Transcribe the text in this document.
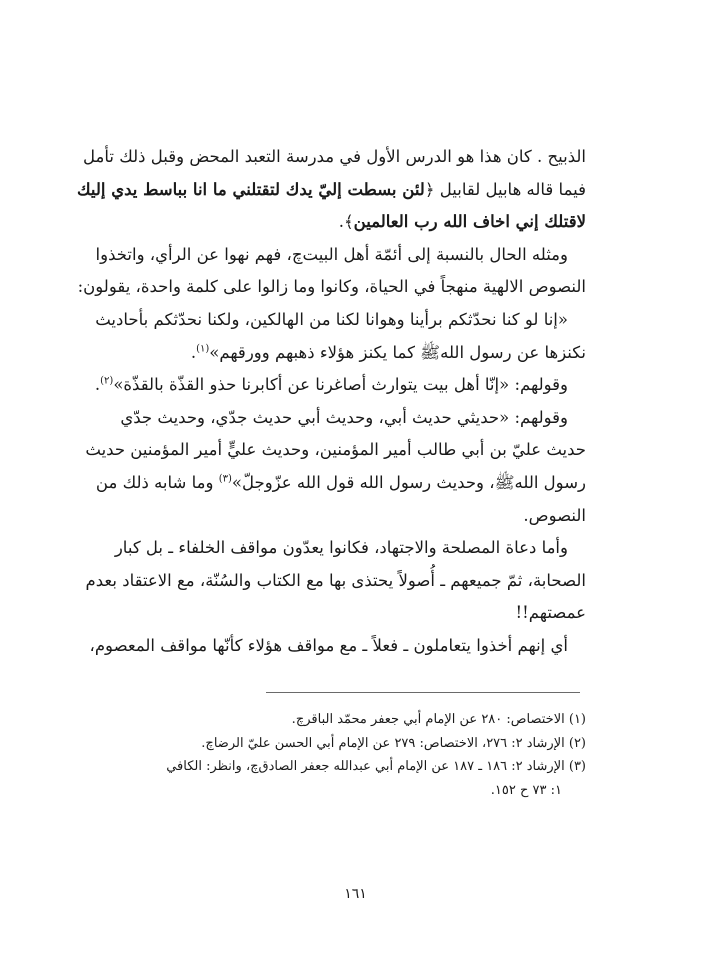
الذبيح . كان هذا هو الدرس الأول في مدرسة التعبد المحض وقبل ذلك تأمل
فيما قاله هابيل لقابيل ﴿لئن بسطت إليّ يدك لتقتلني ما انا بباسط يدي إليك
لاقتلك إني اخاف الله رب العالمين﴾.
ومثله الحال بالنسبة إلى أئمّة أهل البيتﭺ، فهم نهوا عن الرأي، واتخذوا
النصوص الالهية منهجاً في الحياة، وكانوا وما زالوا على كلمة واحدة، يقولون:
«إنا لو كنا نحدّثكم برأينا وهوانا لكنا من الهالكين، ولكنا نحدّثكم بأحاديث
نكنزها عن رسول اللهﷺ كما يكنز هؤلاء ذهبهم وورقهم»$^{(١)}$.
وقولهم: «إنّا أهل بيت يتوارث أصاغرنا عن أكابرنا حذو القذّة بالقذّة»$^{(٢)}$.
وقولهم: «حديثي حديث أبي، وحديث أبي حديث جدّي، وحديث جدّي
حديث عليّ بن أبي طالب أمير المؤمنين، وحديث عليٍّ أمير المؤمنين حديث
رسول اللهﷺ، وحديث رسول الله قول الله عزّوجلّ»$^{(٣)}$ وما شابه ذلك من
النصوص.
وأما دعاة المصلحة والاجتهاد، فكانوا يعدّون مواقف الخلفاء ـ بل كبار
الصحابة، ثمّ جميعهم ـ أُصولاً يحتذى بها مع الكتاب والسُنّة، مع الاعتقاد بعدم
عمصتهم!!
أي إنهم أخذوا يتعاملون ـ فعلاً ـ مع مواقف هؤلاء كأنّها مواقف المعصوم،
(١) الاختصاص: ٢٨٠ عن الإمام أبي جعفر محمّد الباقرﭺ.
(٢) الإرشاد ٢: ٢٧٦، الاختصاص: ٢٧٩ عن الإمام أبي الحسن عليّ الرضاﭺ.
(٣) الإرشاد ٢: ١٨٦ ـ ١٨٧ عن الإمام أبي عبدالله جعفر الصادقﭺ، وانظر: الكافي
١: ٧٣ ح ١٥٢.
١٦١
